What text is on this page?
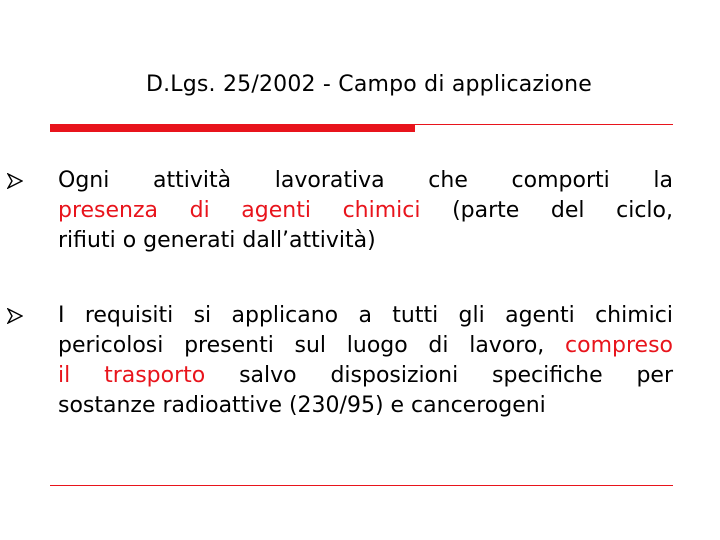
D.Lgs. 25/2002 - Campo di applicazione

Ogni attività lavorativa che comporti la

presenza di agenti chimici (parte del ciclo,

rifiuti o generati dall’attività)

I requisiti si applicano a tutti gli agenti chimici

pericolosi presenti sul luogo di lavoro, compreso

il trasporto salvo disposizioni specifiche per

sostanze radioattive (230/95) e cancerogeni
